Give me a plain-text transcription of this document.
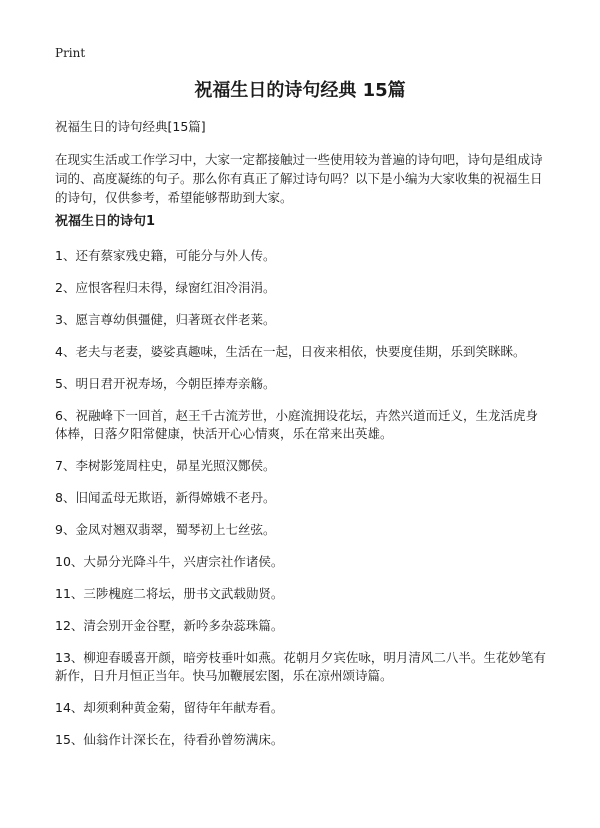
Print
祝福生日的诗句经典 15篇

祝福生日的诗句经典[15篇]

在现实生活或工作学习中，大家一定都接触过一些使用较为普遍的诗句吧，诗句是组成诗词的、高度凝练的句子。那么你有真正了解过诗句吗？以下是小编为大家收集的祝福生日的诗句，仅供参考，希望能够帮助到大家。

祝福生日的诗句1
1、还有蔡家残史籍，可能分与外人传。
2、应恨客程归未得，绿窗红泪冷涓涓。
3、愿言尊幼俱彊健，归著斑衣伴老莱。
4、老夫与老妻，婆娑真趣味，生活在一起，日夜来相依，快要度佳期，乐到笑眯眯。
5、明日君开祝寿场，今朝臣捧寿亲觞。
6、祝融峰下一回首，赵王千古流芳世，小庭流拥设花坛，卉然兴道而迁义，生龙活虎身体棒，日落夕阳常健康，快活开心心情爽，乐在常来出英雄。
7、李树影笼周柱史，昴星光照汉酂侯。
8、旧闻孟母无欺语，新得嫦娥不老丹。
9、金凤对翘双翡翠，蜀琴初上七丝弦。
10、大昴分光降斗牛，兴唐宗社作诸侯。
11、三陟槐庭二将坛，册书文武载勋贤。
12、清会别开金谷墅，新吟多杂蕊珠篇。
13、柳迎春暖喜开颜，暗旁枝垂叶如燕。花朝月夕宾佐咏，明月清风二八半。生花妙笔有新作，日升月恒正当年。快马加鞭展宏图，乐在凉州颂诗篇。
14、却须剩种黄金菊，留待年年献寿看。
15、仙翁作计深长在，待看孙曾笏满床。
